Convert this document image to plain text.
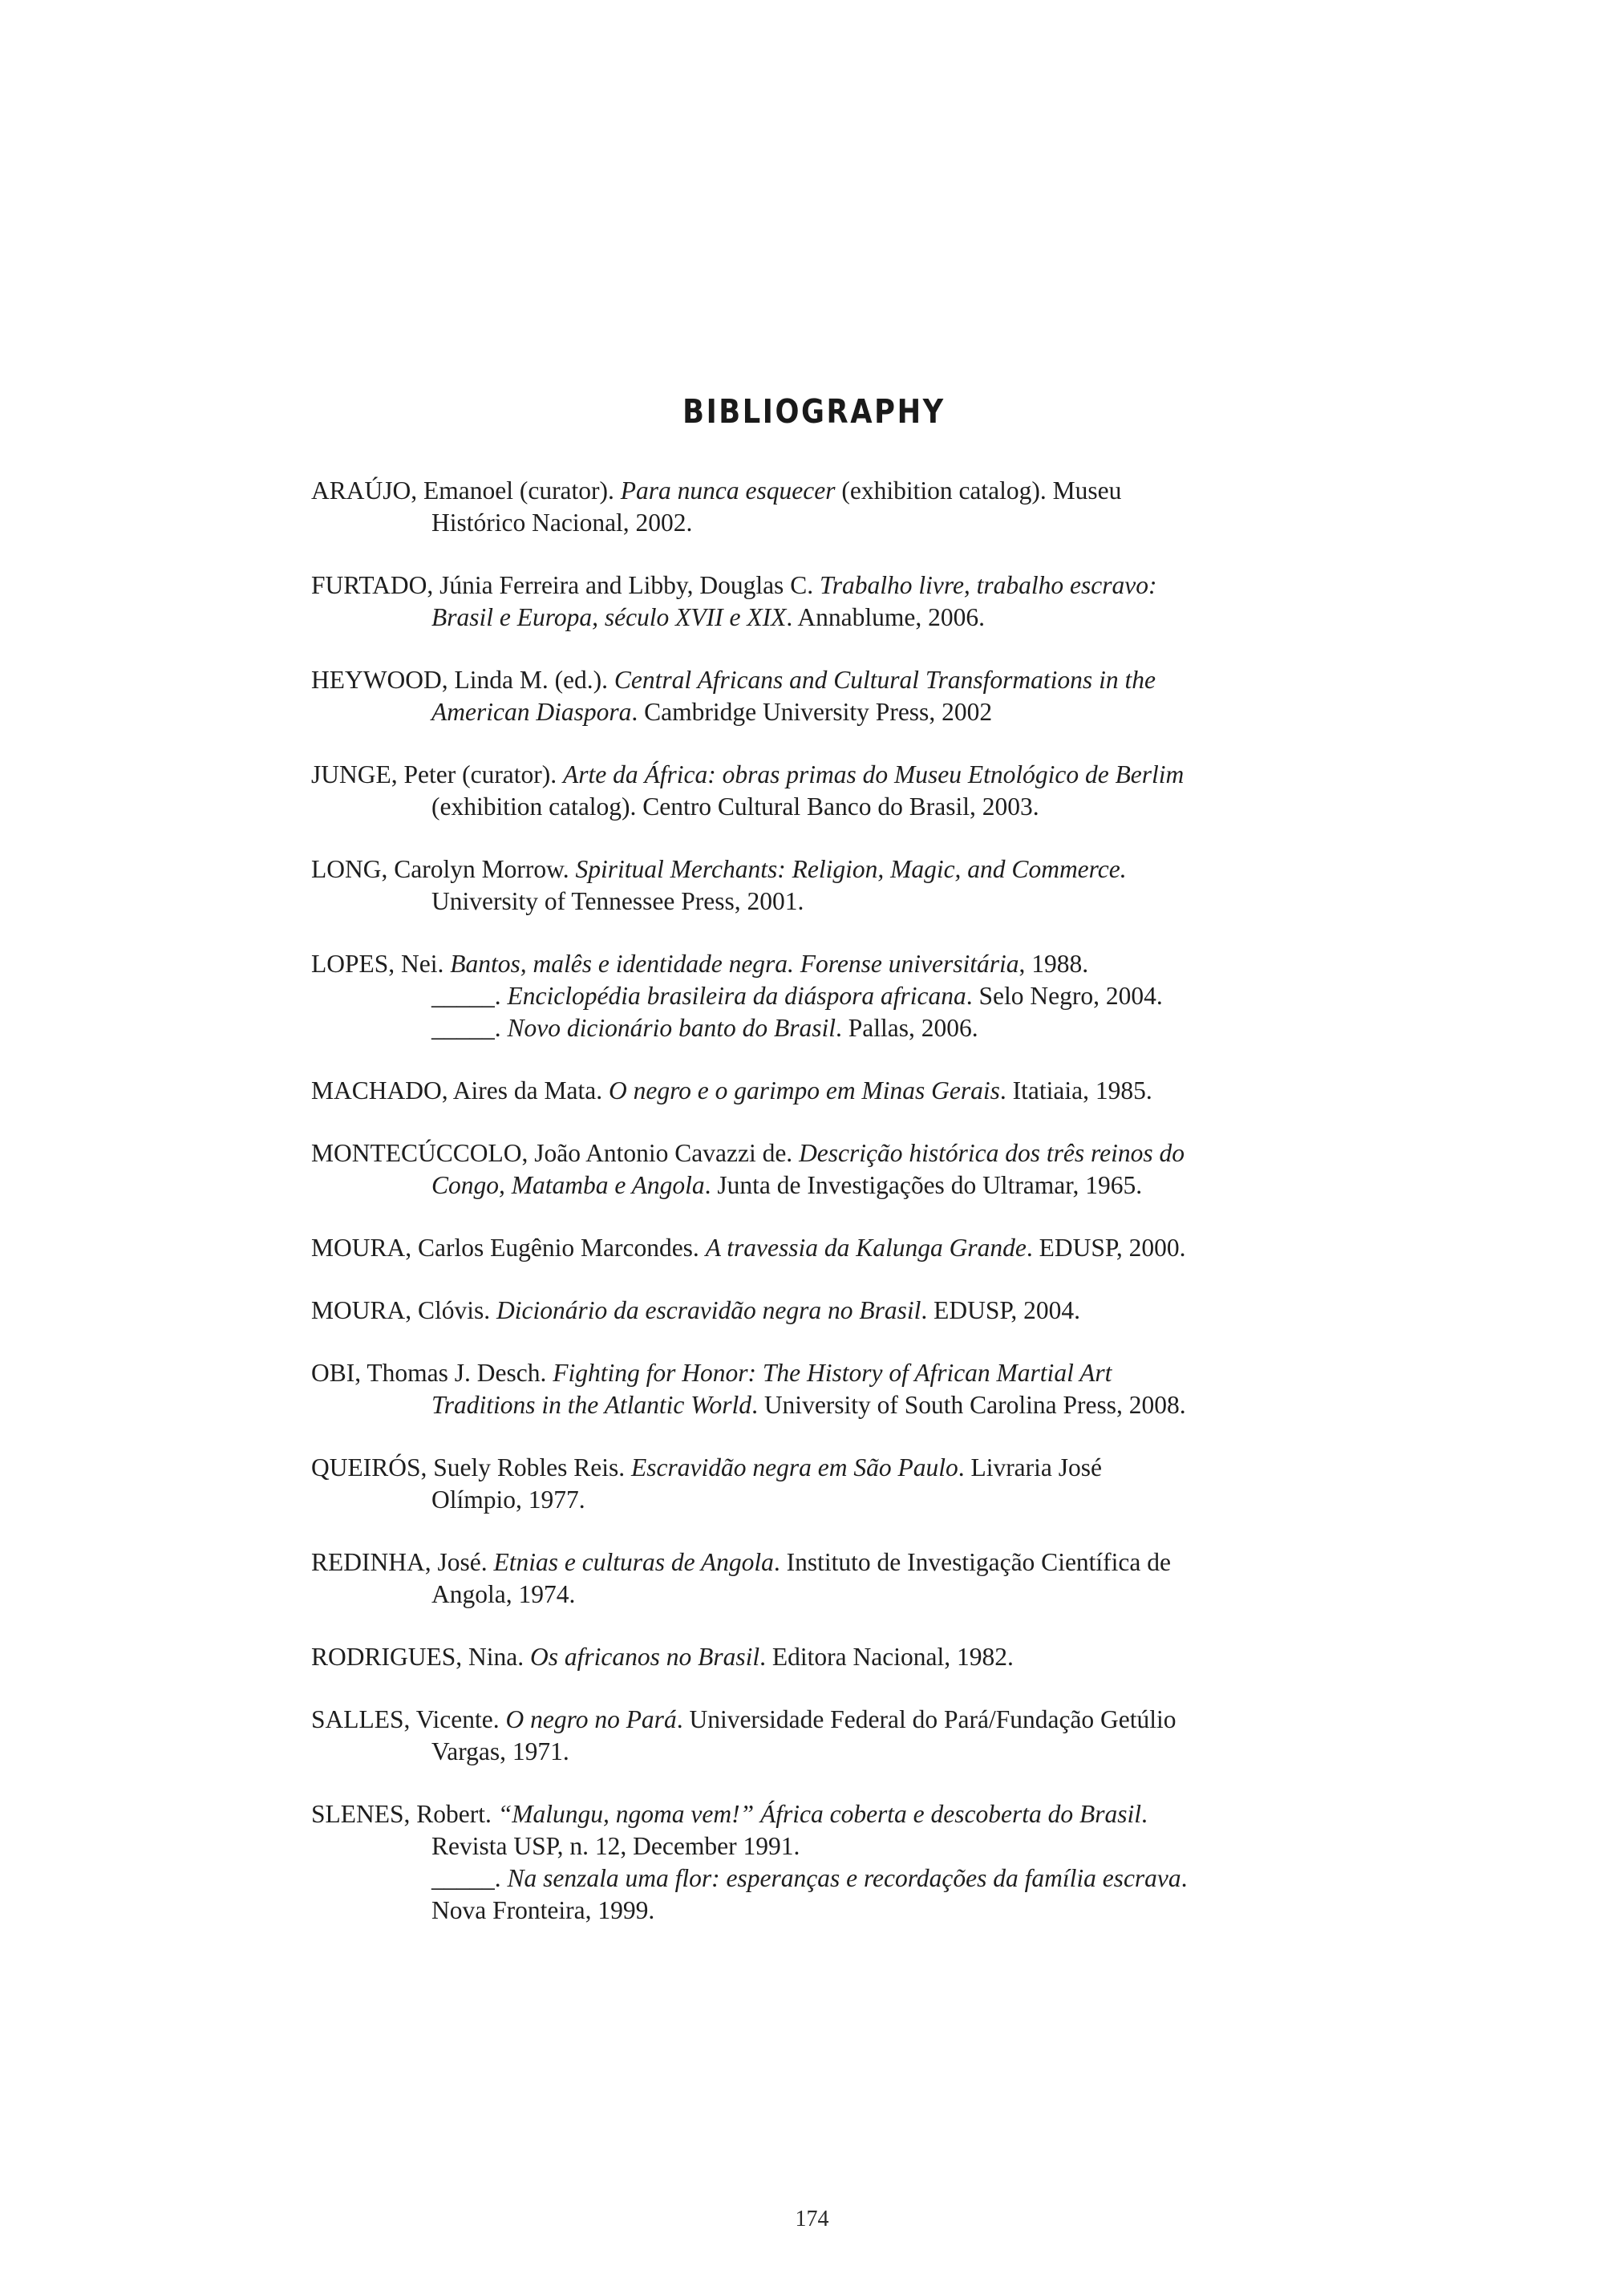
BIBLIOGRAPHY
ARAÚJO, Emanoel (curator). Para nunca esquecer (exhibition catalog). Museu
Histórico Nacional, 2002.
FURTADO, Júnia Ferreira and Libby, Douglas C. Trabalho livre, trabalho escravo:
Brasil e Europa, século XVII e XIX. Annablume, 2006.
HEYWOOD, Linda M. (ed.). Central Africans and Cultural Transformations in the
American Diaspora. Cambridge University Press, 2002
JUNGE, Peter (curator). Arte da África: obras primas do Museu Etnológico de Berlim
(exhibition catalog). Centro Cultural Banco do Brasil, 2003.
LONG, Carolyn Morrow. Spiritual Merchants: Religion, Magic, and Commerce.
University of Tennessee Press, 2001.
LOPES, Nei. Bantos, malês e identidade negra. Forense universitária, 1988.
_____. Enciclopédia brasileira da diáspora africana. Selo Negro, 2004.
_____. Novo dicionário banto do Brasil. Pallas, 2006.
MACHADO, Aires da Mata. O negro e o garimpo em Minas Gerais. Itatiaia, 1985.
MONTECÚCCOLO, João Antonio Cavazzi de. Descrição histórica dos três reinos do
Congo, Matamba e Angola. Junta de Investigações do Ultramar, 1965.
MOURA, Carlos Eugênio Marcondes. A travessia da Kalunga Grande. EDUSP, 2000.
MOURA, Clóvis. Dicionário da escravidão negra no Brasil. EDUSP, 2004.
OBI, Thomas J. Desch. Fighting for Honor: The History of African Martial Art
Traditions in the Atlantic World. University of South Carolina Press, 2008.
QUEIRÓS, Suely Robles Reis. Escravidão negra em São Paulo. Livraria José
Olímpio, 1977.
REDINHA, José. Etnias e culturas de Angola. Instituto de Investigação Científica de
Angola, 1974.
RODRIGUES, Nina. Os africanos no Brasil. Editora Nacional, 1982.
SALLES, Vicente. O negro no Pará. Universidade Federal do Pará/Fundação Getúlio
Vargas, 1971.
SLENES, Robert. “Malungu, ngoma vem!” África coberta e descoberta do Brasil.
Revista USP, n. 12, December 1991.
_____. Na senzala uma flor: esperanças e recordações da família escrava.
Nova Fronteira, 1999.
174
